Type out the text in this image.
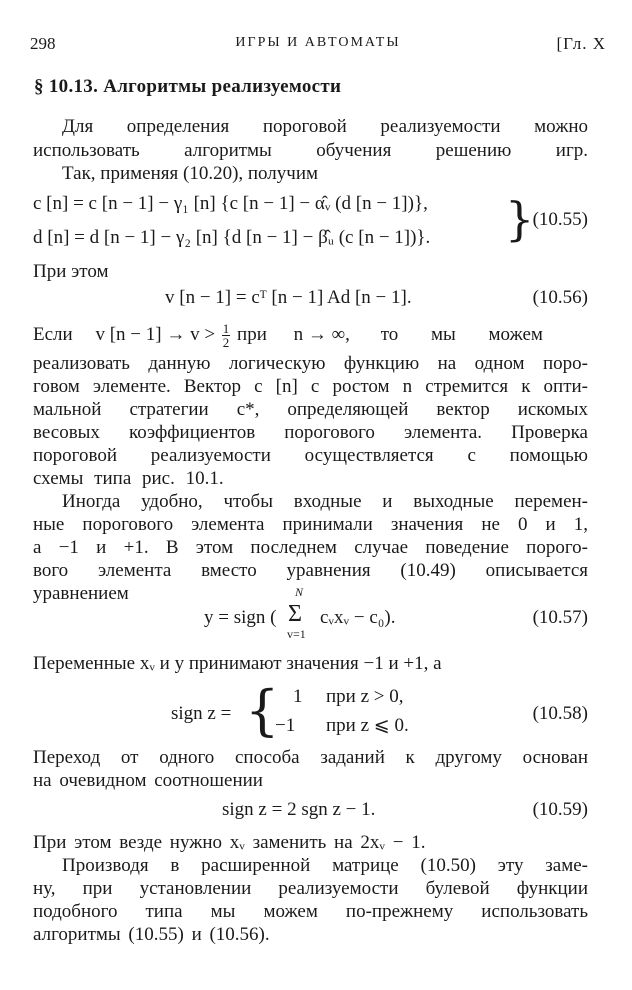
298	ИГРЫ И АВТОМАТЫ	[Гл. X
§ 10.13. Алгоритмы реализуемости
Для определения пороговой реализуемости можно
использовать алгоритмы обучения решению игр.
Так, применяя (10.20), получим
c [n] = c [n − 1] − γ₁ [n] {c [n − 1] − α̂ᵥ (d [n − 1])},
d [n] = d [n − 1] − γ₂ [n] {d [n − 1] − β̂ᵤ (c [n − 1])}. }
(10.55)
При этом
v [n − 1] = cᵀ [n − 1] Ad [n − 1].	(10.56)
Если v $[n - 1] \to v > \frac{1}{2}$ при n → ∞, то мы можем
реализовать данную логическую функцию на одном поро-
говом элементе. Вектор c [n] с ростом n стремится к опти-
мальной стратегии c*, определяющей вектор искомых
весовых коэффициентов порогового элемента. Проверка
пороговой реализуемости осуществляется с помощью
схемы типа рис. 10.1.
Иногда удобно, чтобы входные и выходные перемен-
ные порогового элемента принимали значения не 0 и 1,
а −1 и +1. В этом последнем случае поведение порого-
вого элемента вместо уравнения (10.49) описывается
уравнением
y = sign (
N
Σ
v=1
cᵥxᵥ − c₀).	(10.57)
Переменные xᵥ и y принимают значения −1 и +1, а
sign z = { 1 при z > 0,
−1 при z ⩽ 0.
(10.58)
Переход от одного способа заданий к другому основан
на очевидном соотношении
sign z = 2 sgn z − 1.	(10.59)
При этом везде нужно xᵥ заменить на 2xᵥ − 1.
Производя в расширенной матрице (10.50) эту заме-
ну, при установлении реализуемости булевой функции
подобного типа мы можем по-прежнему использовать
алгоритмы (10.55) и (10.56).
